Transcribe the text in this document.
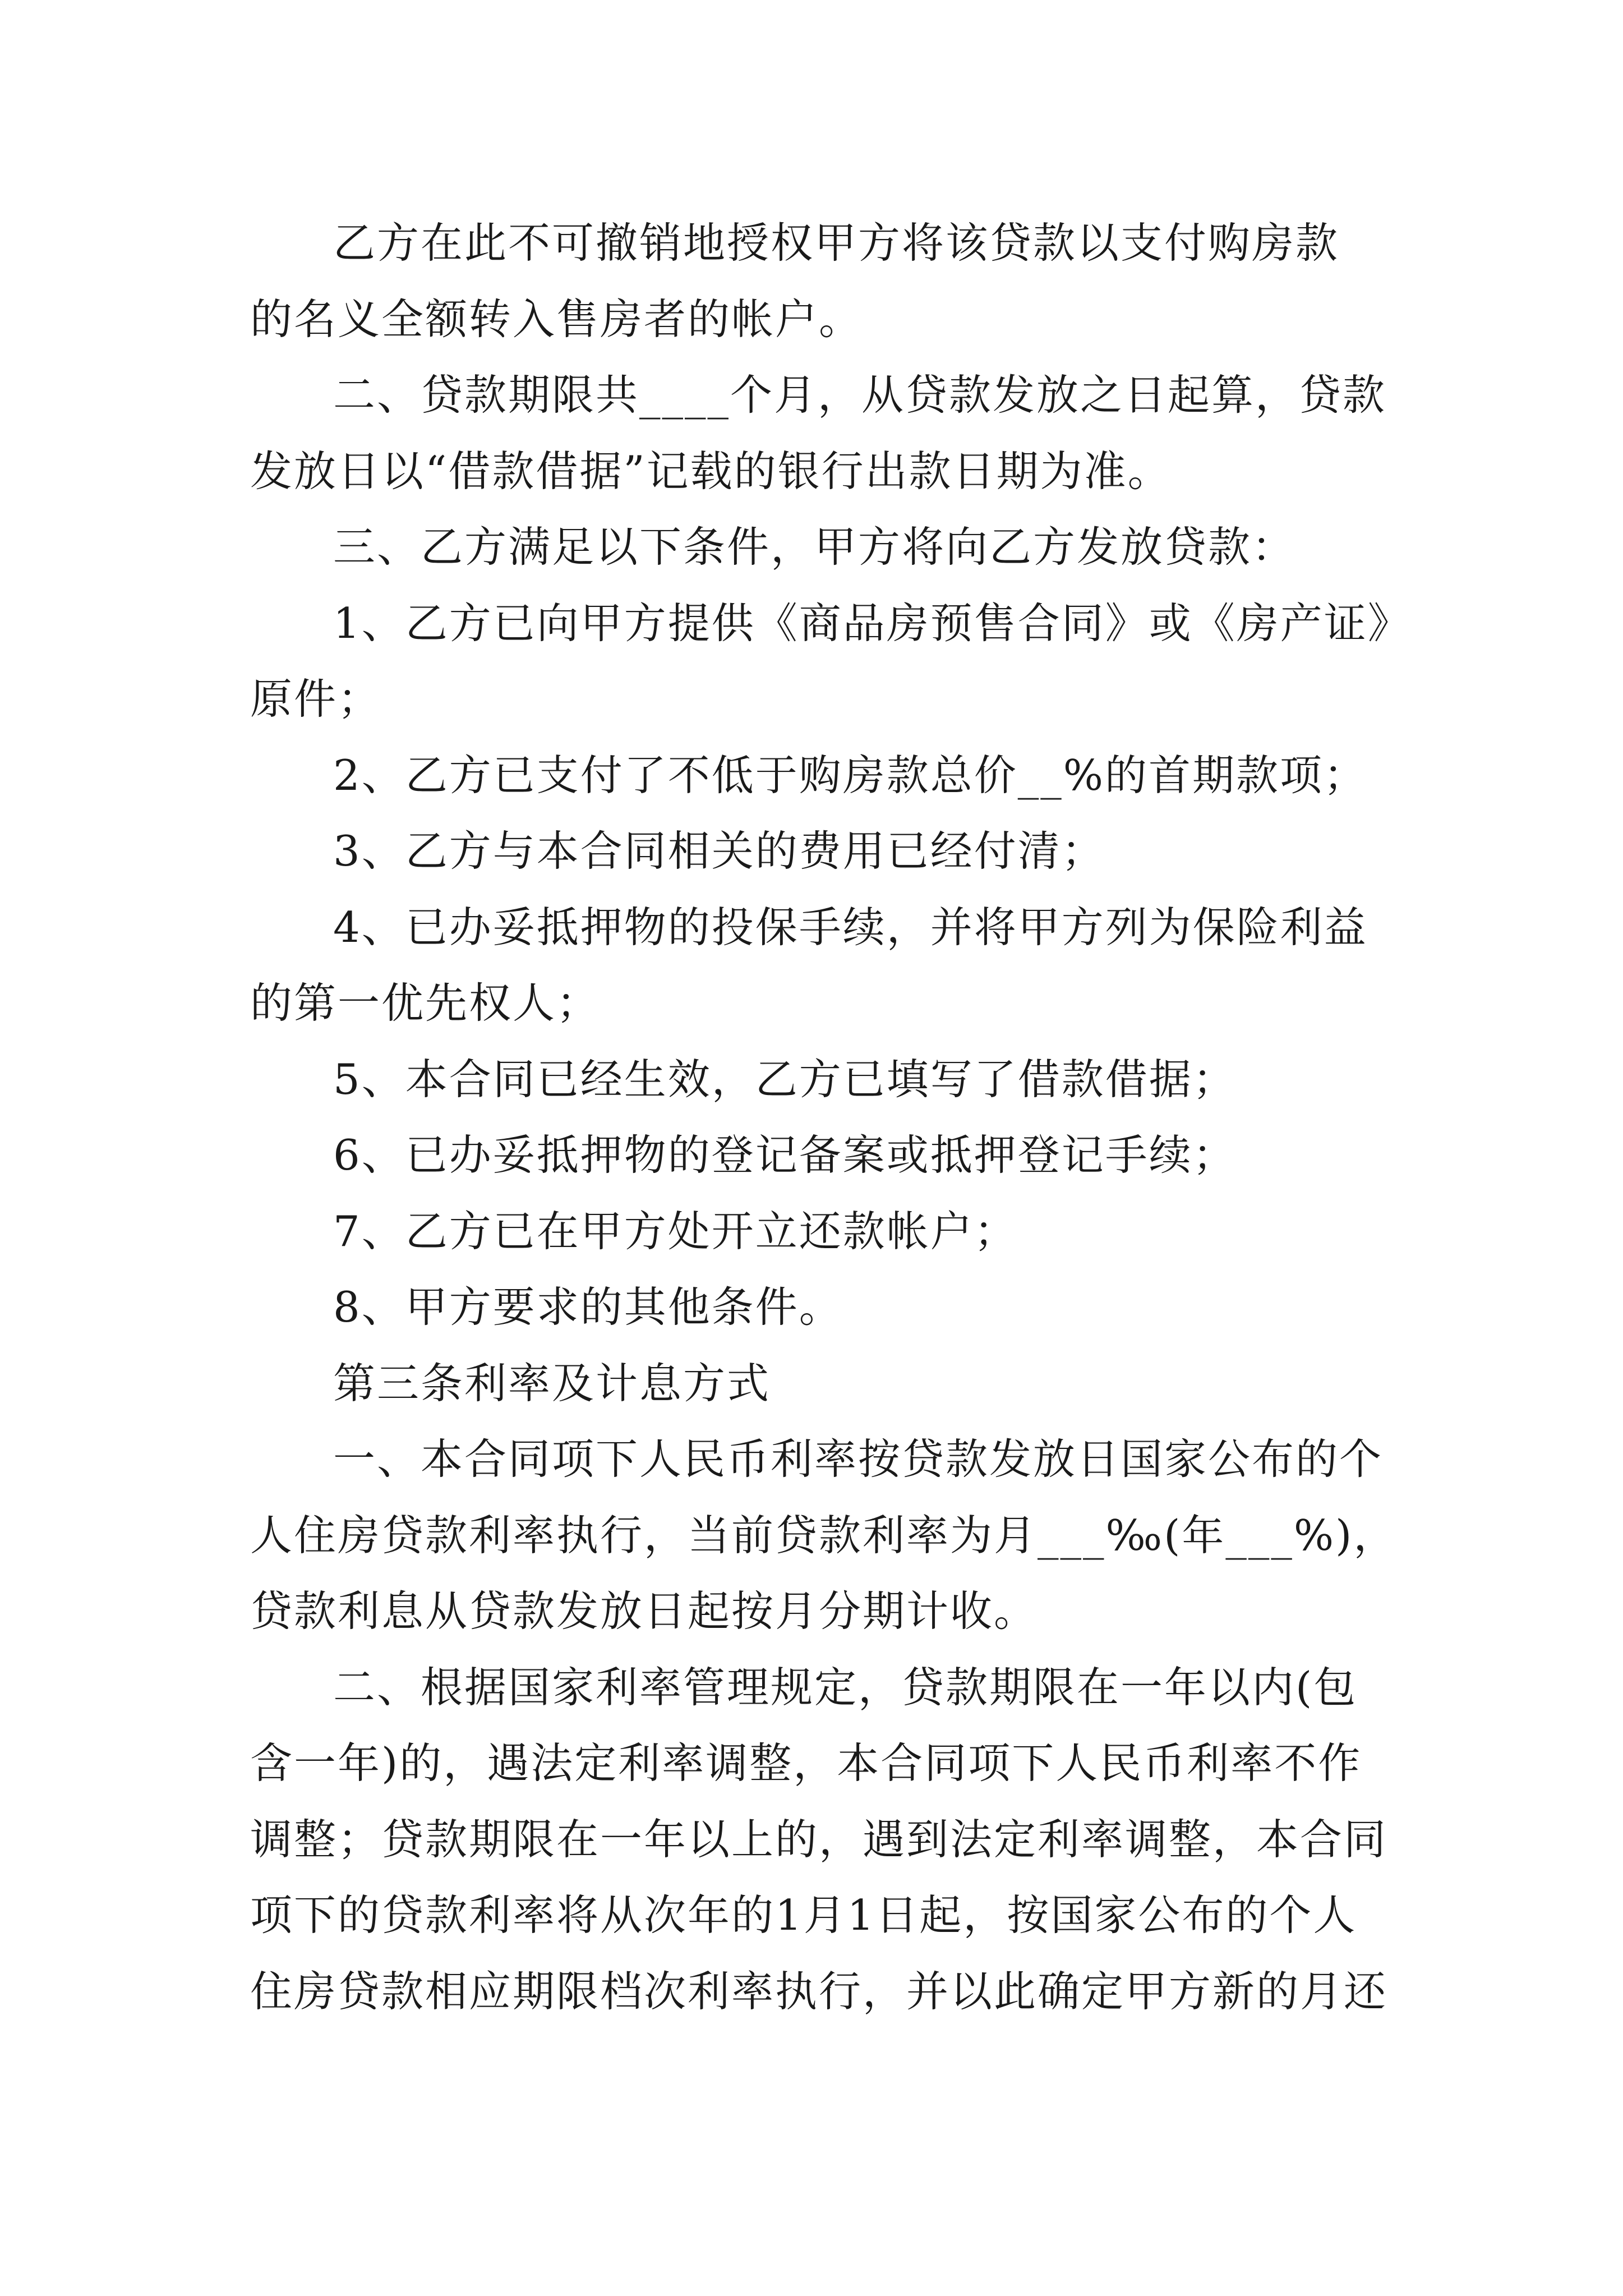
乙方在此不可撤销地授权甲方将该贷款以支付购房款
的名义全额转入售房者的帐户。
二、贷款期限共____个月，从贷款发放之日起算，贷款
发放日以“借款借据”记载的银行出款日期为准。
三、乙方满足以下条件，甲方将向乙方发放贷款：
1、乙方已向甲方提供《商品房预售合同》或《房产证》
原件；
2、乙方已支付了不低于购房款总价__%的首期款项；
3、乙方与本合同相关的费用已经付清；
4、已办妥抵押物的投保手续，并将甲方列为保险利益
的第一优先权人；
5、本合同已经生效，乙方已填写了借款借据；
6、已办妥抵押物的登记备案或抵押登记手续；
7、乙方已在甲方处开立还款帐户；
8、甲方要求的其他条件。
第三条利率及计息方式
一、本合同项下人民币利率按贷款发放日国家公布的个
人住房贷款利率执行，当前贷款利率为月___‰(年___%)，
贷款利息从贷款发放日起按月分期计收。
二、根据国家利率管理规定，贷款期限在一年以内(包
含一年)的，遇法定利率调整，本合同项下人民币利率不作
调整；贷款期限在一年以上的，遇到法定利率调整，本合同
项下的贷款利率将从次年的1月1日起，按国家公布的个人
住房贷款相应期限档次利率执行，并以此确定甲方新的月还
